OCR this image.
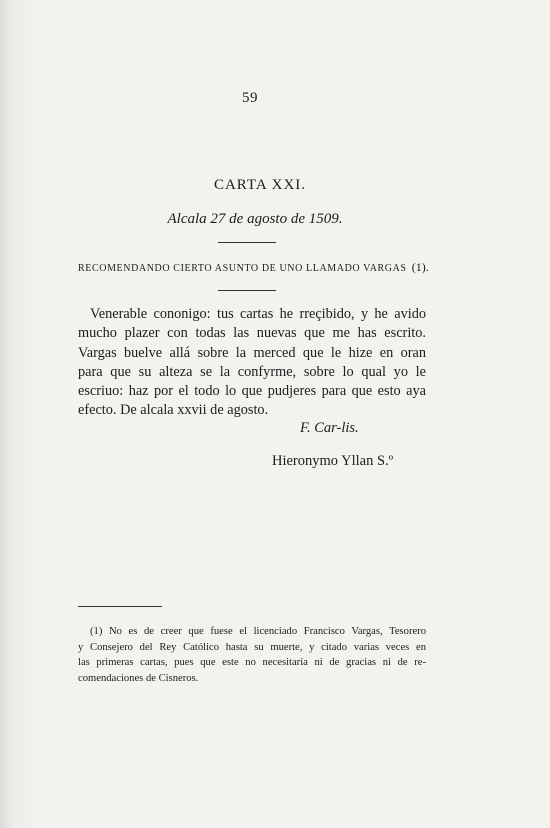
59
CARTA XXI.
Alcala 27 de agosto de 1509.
RECOMENDANDO CIERTO ASUNTO DE UNO LLAMADO VARGAS (1).
Venerable cononigo: tus cartas he rreçibido, y he avido
mucho plazer con todas las nuevas que me has escrito.
Vargas buelve allá sobre la merced que le hize en oran
para que su alteza se la confyrme, sobre lo qual yo le
escriuo: haz por el todo lo que pudjeres para que esto aya
efecto. De alcala xxvii de agosto.
F. Car-lis.
Hieronymo Yllan S.º
(1) No es de creer que fuese el licenciado Francisco Vargas, Tesorero
y Consejero del Rey Católico hasta su muerte, y citado varias veces en
las primeras cartas, pues que este no necesitaría ni de gracias ni de re-
comendaciones de Cisneros.
